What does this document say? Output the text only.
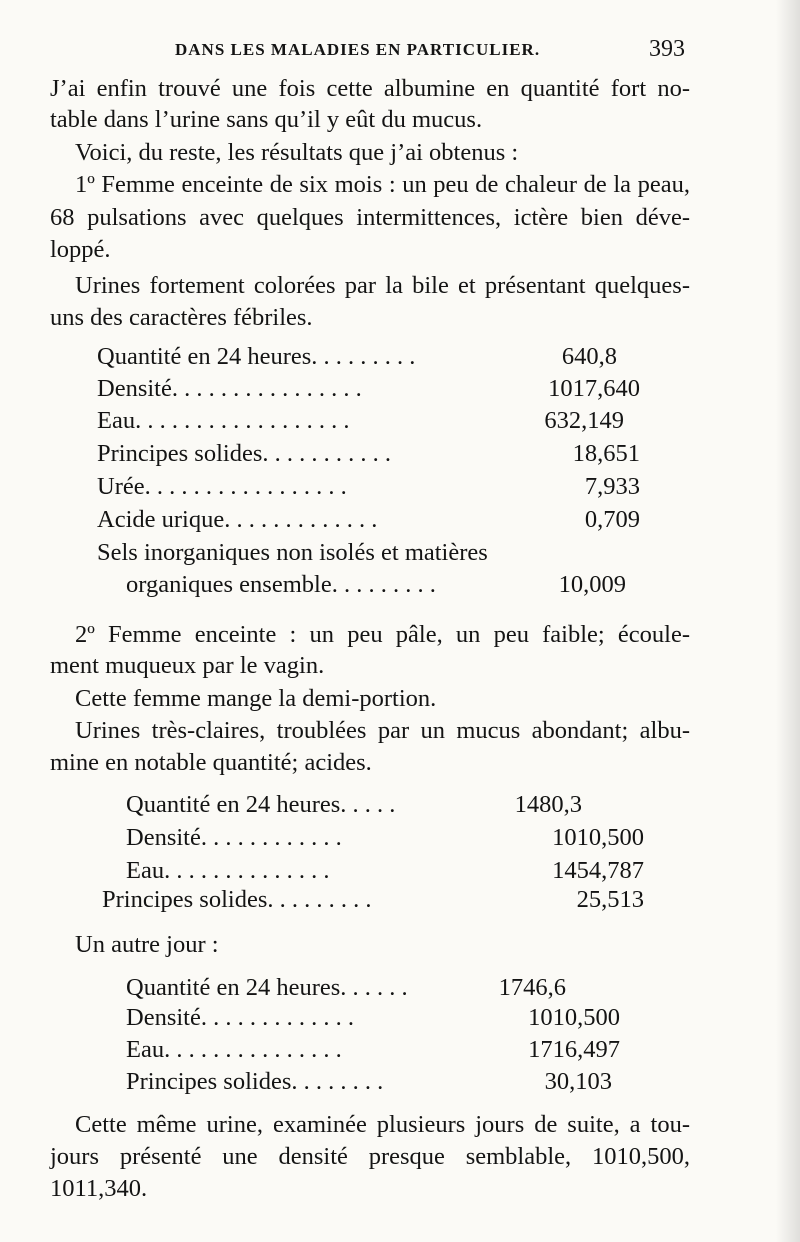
DANS LES MALADIES EN PARTICULIER.	393
J’ai enfin trouvé une fois cette albumine en quantité fort no-
table dans l’urine sans qu’il y eût du mucus.
Voici, du reste, les résultats que j’ai obtenus :
1º Femme enceinte de six mois : un peu de chaleur de la peau,
68 pulsations avec quelques intermittences, ictère bien déve-
loppé.
Urines fortement colorées par la bile et présentant quelques-
uns des caractères fébriles.
Quantité en 24 heures. . . . . . . . .	640,8
Densité. . . . . . . . . . . . . . . .	1017,640
Eau. . . . . . . . . . . . . . . . . .	632,149
Principes solides. . . . . . . . . . .	18,651
Urée. . . . . . . . . . . . . . . . .	7,933
Acide urique. . . . . . . . . . . . .	0,709
Sels inorganiques non isolés et matières
organiques ensemble. . . . . . . . .	10,009
2º Femme enceinte : un peu pâle, un peu faible; écoule-
ment muqueux par le vagin.
Cette femme mange la demi-portion.
Urines très-claires, troublées par un mucus abondant; albu-
mine en notable quantité; acides.
Quantité en 24 heures. . . . .	1480,3
Densité. . . . . . . . . . . .	1010,500
Eau. . . . . . . . . . . . . .	1454,787
Principes solides. . . . . . . . .	25,513
Un autre jour :
Quantité en 24 heures. . . . . .	1746,6
Densité. . . . . . . . . . . . .	1010,500
Eau. . . . . . . . . . . . . . .	1716,497
Principes solides. . . . . . . .	30,103
Cette même urine, examinée plusieurs jours de suite, a tou-
jours présenté une densité presque semblable, 1010,500,
1011,340.
